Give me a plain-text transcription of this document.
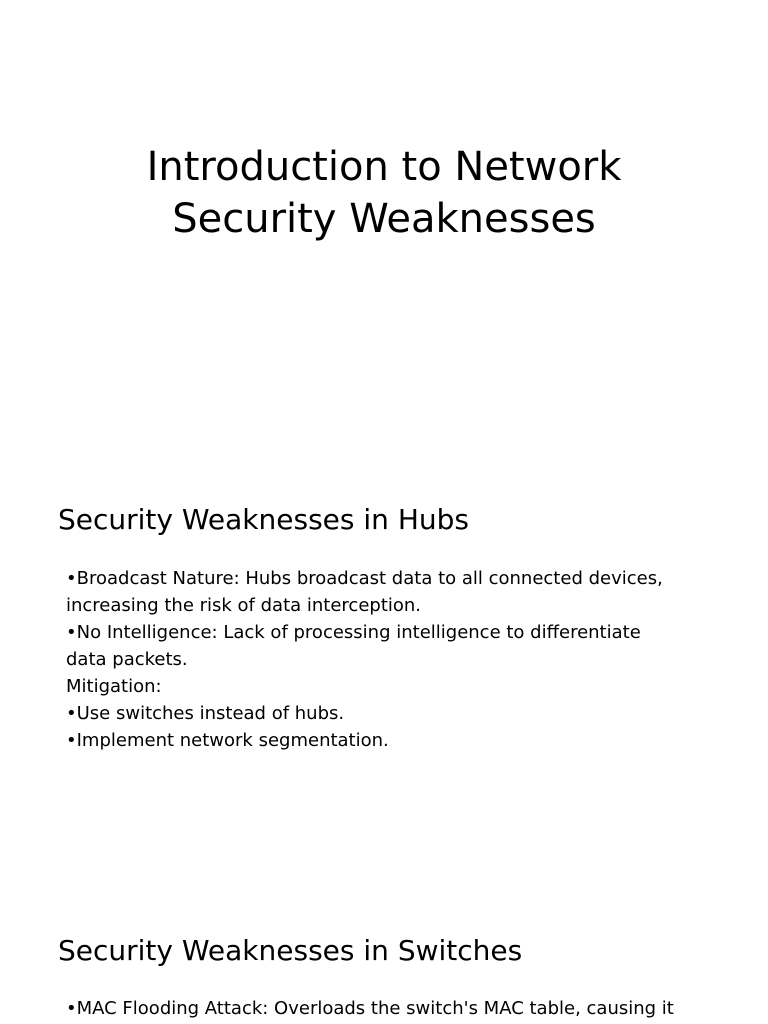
Introduction to Network
Security Weaknesses
Security Weaknesses in Hubs
•Broadcast Nature: Hubs broadcast data to all connected devices,
increasing the risk of data interception.
•No Intelligence: Lack of processing intelligence to differentiate
data packets.
Mitigation:
•Use switches instead of hubs.
•Implement network segmentation.
Security Weaknesses in Switches
•MAC Flooding Attack: Overloads the switch's MAC table, causing it
